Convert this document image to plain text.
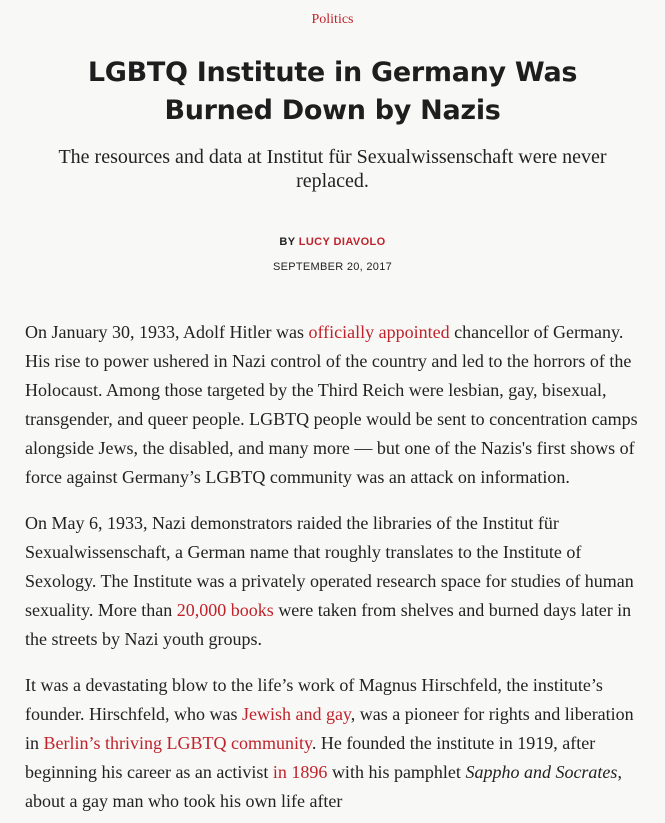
Politics
LGBTQ Institute in Germany Was Burned Down by Nazis
The resources and data at Institut für Sexualwissenschaft were never replaced.
BY LUCY DIAVOLO
SEPTEMBER 20, 2017

On January 30, 1933, Adolf Hitler was officially appointed chancellor of Germany. His rise to power ushered in Nazi control of the country and led to the horrors of the Holocaust. Among those targeted by the Third Reich were lesbian, gay, bisexual, transgender, and queer people. LGBTQ people would be sent to concentration camps alongside Jews, the disabled, and many more — but one of the Nazis's first shows of force against Germany’s LGBTQ community was an attack on information.

On May 6, 1933, Nazi demonstrators raided the libraries of the Institut für Sexualwissenschaft, a German name that roughly translates to the Institute of Sexology. The Institute was a privately operated research space for studies of human sexuality. More than 20,000 books were taken from shelves and burned days later in the streets by Nazi youth groups.

It was a devastating blow to the life’s work of Magnus Hirschfeld, the institute’s founder. Hirschfeld, who was Jewish and gay, was a pioneer for rights and liberation in Berlin’s thriving LGBTQ community. He founded the institute in 1919, after beginning his career as an activist in 1896 with his pamphlet Sappho and Socrates, about a gay man who took his own life after
